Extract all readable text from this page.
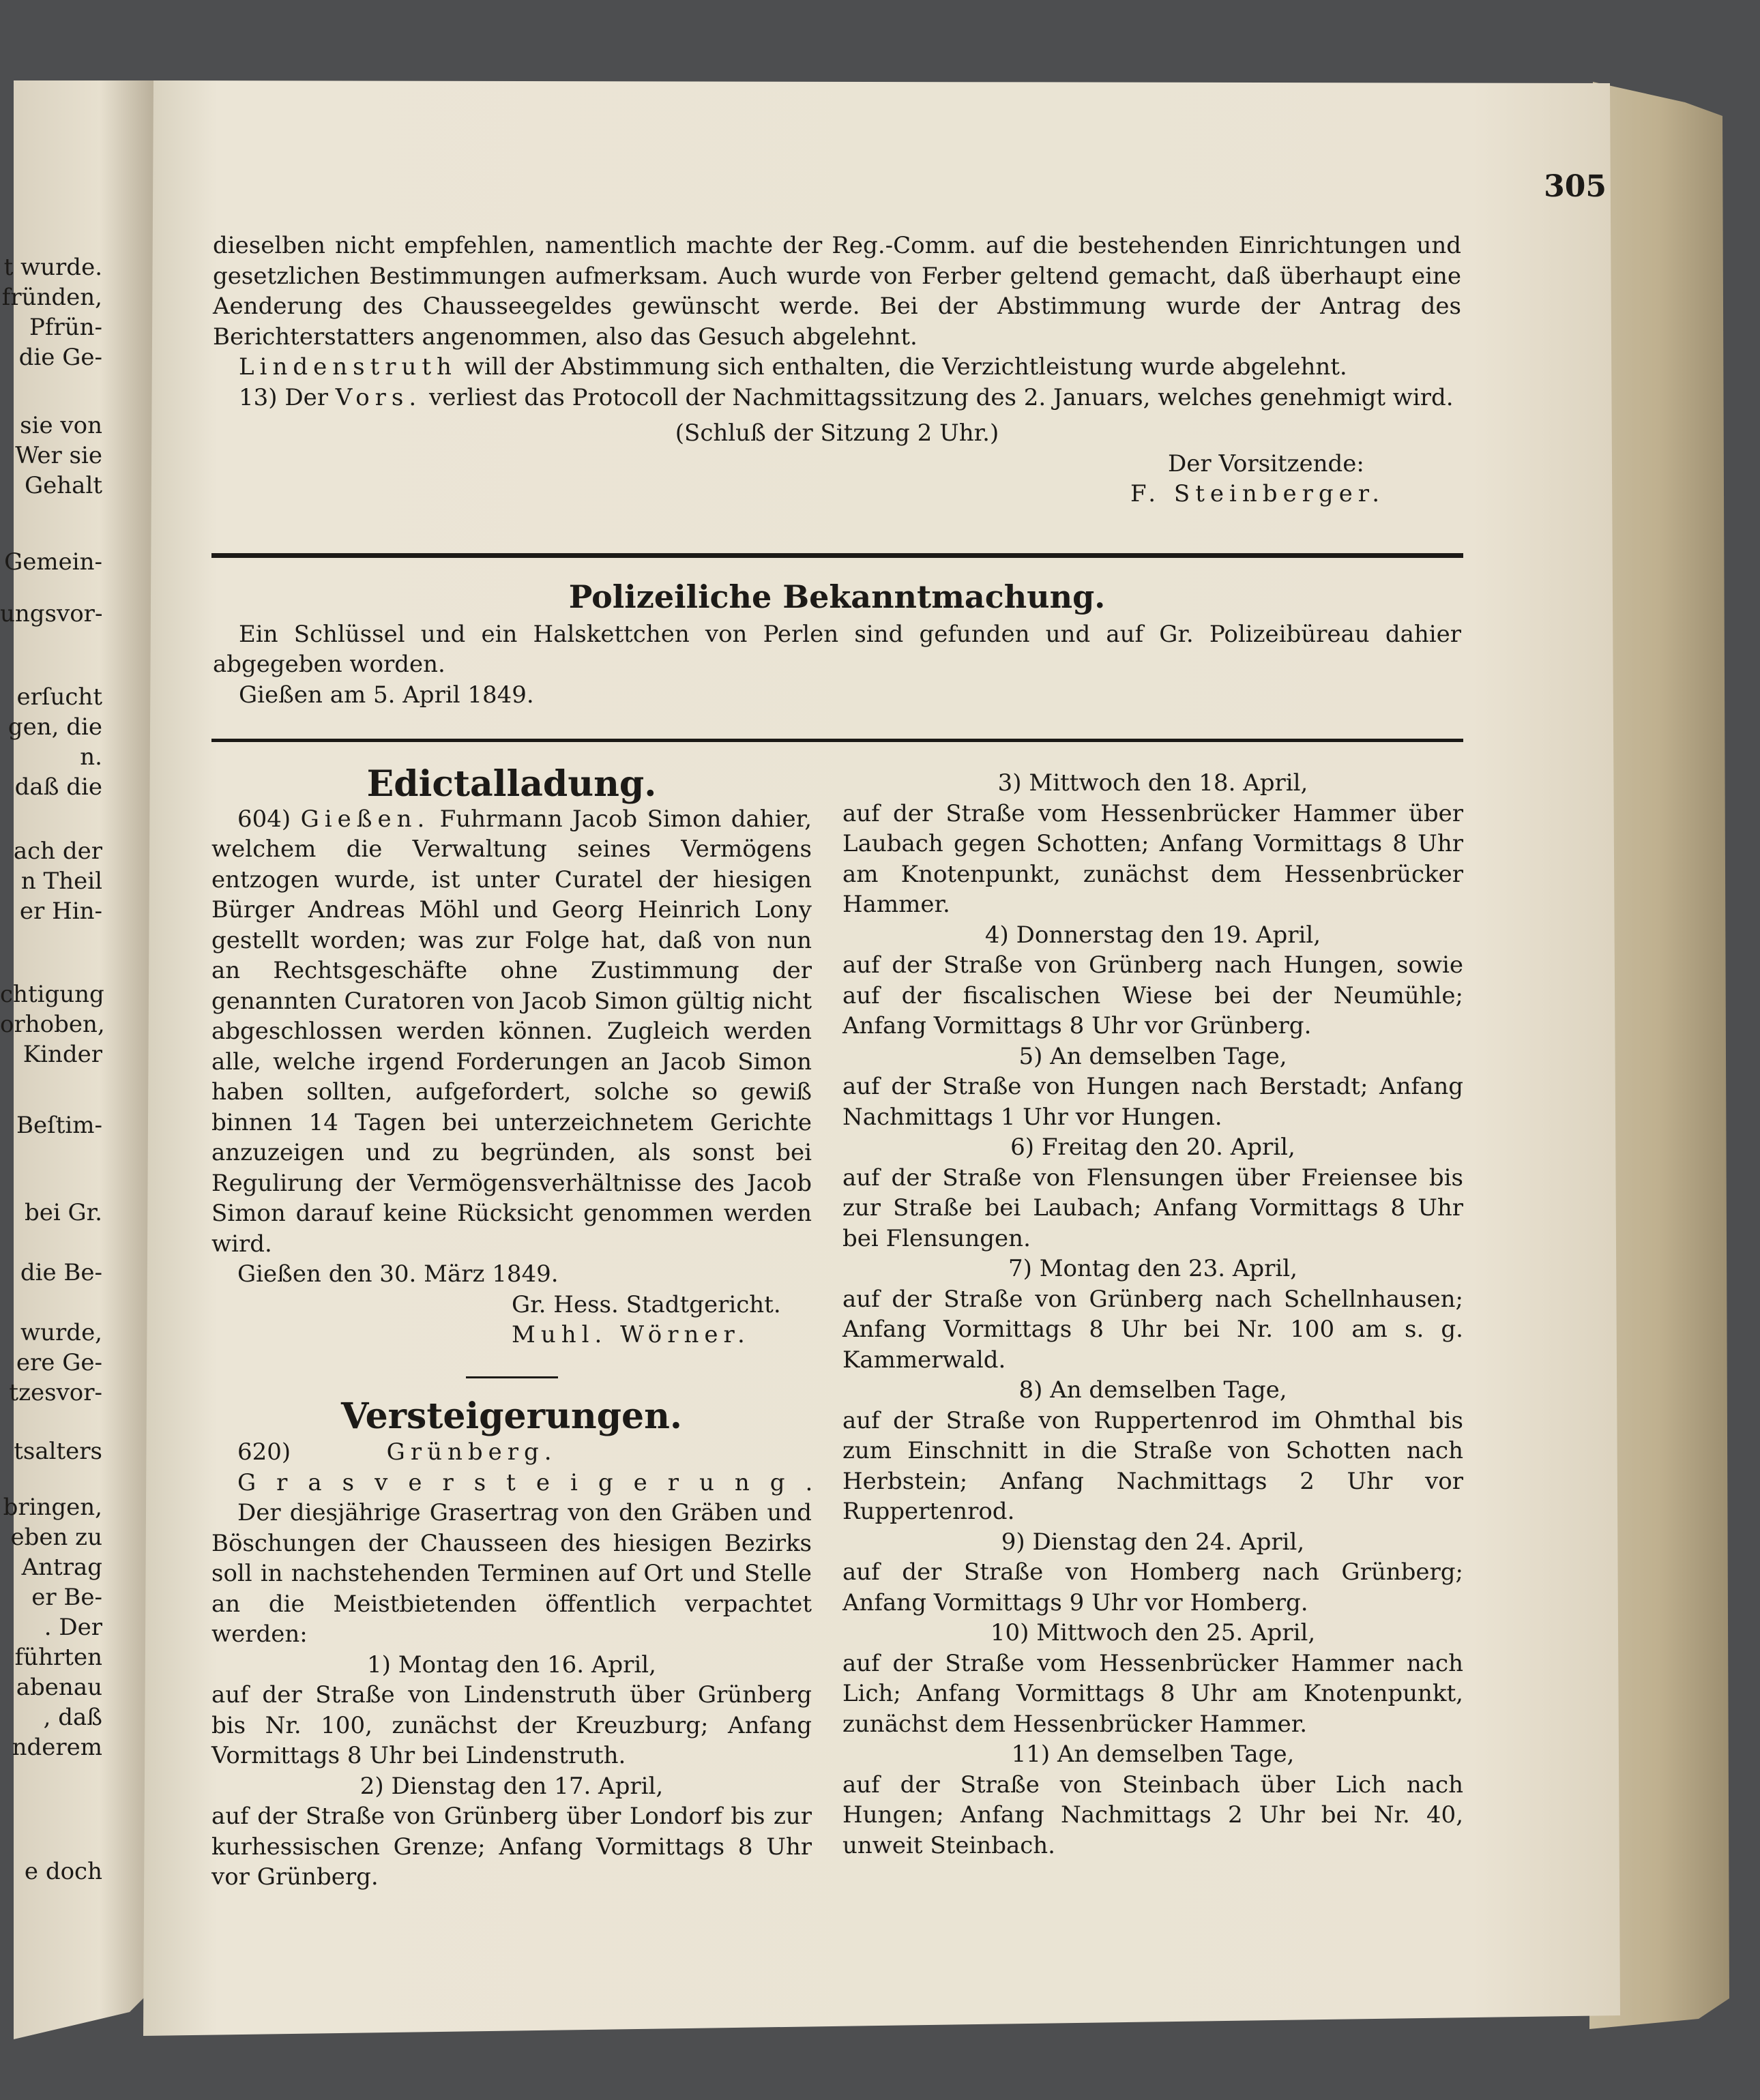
t wurde.
fründen,
Pfrün-
die Ge-
sie von
Wer sie
Gehalt
Gemein-
ungsvor-
erſucht
gen, die
n.
daß die
ach der
n Theil
er Hin-
chtigung
orhoben,
Kinder
Beſtim-
bei Gr.
die Be-
wurde,
ere Ge-
tzesvor-
tsalters
bringen,
eben zu
Antrag
er Be-
. Der
führten
abenau
, daß
nderem
e doch
305

dieselben nicht empfehlen, namentlich machte der Reg.-Comm. auf die bestehenden Einrichtungen und gesetzlichen Bestimmungen aufmerksam. Auch wurde von Ferber geltend gemacht, daß überhaupt eine Aenderung des Chausseegeldes gewünscht werde. Bei der Abstimmung wurde der Antrag des Berichterstatters angenommen, also das Gesuch abgelehnt.

Lindenstruth will der Abstimmung sich enthalten, die Verzichtleistung wurde abgelehnt.

13) Der Vors. verliest das Protocoll der Nachmittagssitzung des 2. Januars, welches genehmigt wird.

(Schluß der Sitzung 2 Uhr.)

Der Vorsitzende:

F. Steinberger.

Polizeiliche Bekanntmachung.

Ein Schlüssel und ein Halskettchen von Perlen sind gefunden und auf Gr. Polizeibüreau dahier abgegeben worden.

Gießen am 5. April 1849.

Edictalladung.

604) Gießen. Fuhrmann Jacob Simon dahier, welchem die Verwaltung seines Vermögens entzogen wurde, ist unter Curatel der hiesigen Bürger Andreas Möhl und Georg Heinrich Lony gestellt worden; was zur Folge hat, daß von nun an Rechtsgeschäfte ohne Zustimmung der genannten Curatoren von Jacob Simon gültig nicht abgeschlossen werden können. Zugleich werden alle, welche irgend Forderungen an Jacob Simon haben sollten, aufgefordert, solche so gewiß binnen 14 Tagen bei unterzeichnetem Gerichte anzuzeigen und zu begründen, als sonst bei Regulirung der Vermögensverhältnisse des Jacob Simon darauf keine Rücksicht genommen werden wird.

Gießen den 30. März 1849.

Gr. Hess. Stadtgericht.

Muhl. Wörner.

Versteigerungen.

620)	Grünberg.

Grasversteigerung.

Der diesjährige Grasertrag von den Gräben und Böschungen der Chausseen des hiesigen Bezirks soll in nachstehenden Terminen auf Ort und Stelle an die Meistbietenden öffentlich verpachtet werden:

1) Montag den 16. April,

auf der Straße von Lindenstruth über Grünberg bis Nr. 100, zunächst der Kreuzburg; Anfang Vormittags 8 Uhr bei Lindenstruth.

2) Dienstag den 17. April,

auf der Straße von Grünberg über Londorf bis zur kurhessischen Grenze; Anfang Vormittags 8 Uhr vor Grünberg.

3) Mittwoch den 18. April,

auf der Straße vom Hessenbrücker Hammer über Laubach gegen Schotten; Anfang Vormittags 8 Uhr am Knotenpunkt, zunächst dem Hessenbrücker Hammer.

4) Donnerstag den 19. April,

auf der Straße von Grünberg nach Hungen, sowie auf der fiscalischen Wiese bei der Neumühle; Anfang Vormittags 8 Uhr vor Grünberg.

5) An demselben Tage,

auf der Straße von Hungen nach Berstadt; Anfang Nachmittags 1 Uhr vor Hungen.

6) Freitag den 20. April,

auf der Straße von Flensungen über Freiensee bis zur Straße bei Laubach; Anfang Vormittags 8 Uhr bei Flensungen.

7) Montag den 23. April,

auf der Straße von Grünberg nach Schellnhausen; Anfang Vormittags 8 Uhr bei Nr. 100 am s. g. Kammerwald.

8) An demselben Tage,

auf der Straße von Ruppertenrod im Ohmthal bis zum Einschnitt in die Straße von Schotten nach Herbstein; Anfang Nachmittags 2 Uhr vor Ruppertenrod.

9) Dienstag den 24. April,

auf der Straße von Homberg nach Grünberg; Anfang Vormittags 9 Uhr vor Homberg.

10) Mittwoch den 25. April,

auf der Straße vom Hessenbrücker Hammer nach Lich; Anfang Vormittags 8 Uhr am Knotenpunkt, zunächst dem Hessenbrücker Hammer.

11) An demselben Tage,

auf der Straße von Steinbach über Lich nach Hungen; Anfang Nachmittags 2 Uhr bei Nr. 40, unweit Steinbach.
